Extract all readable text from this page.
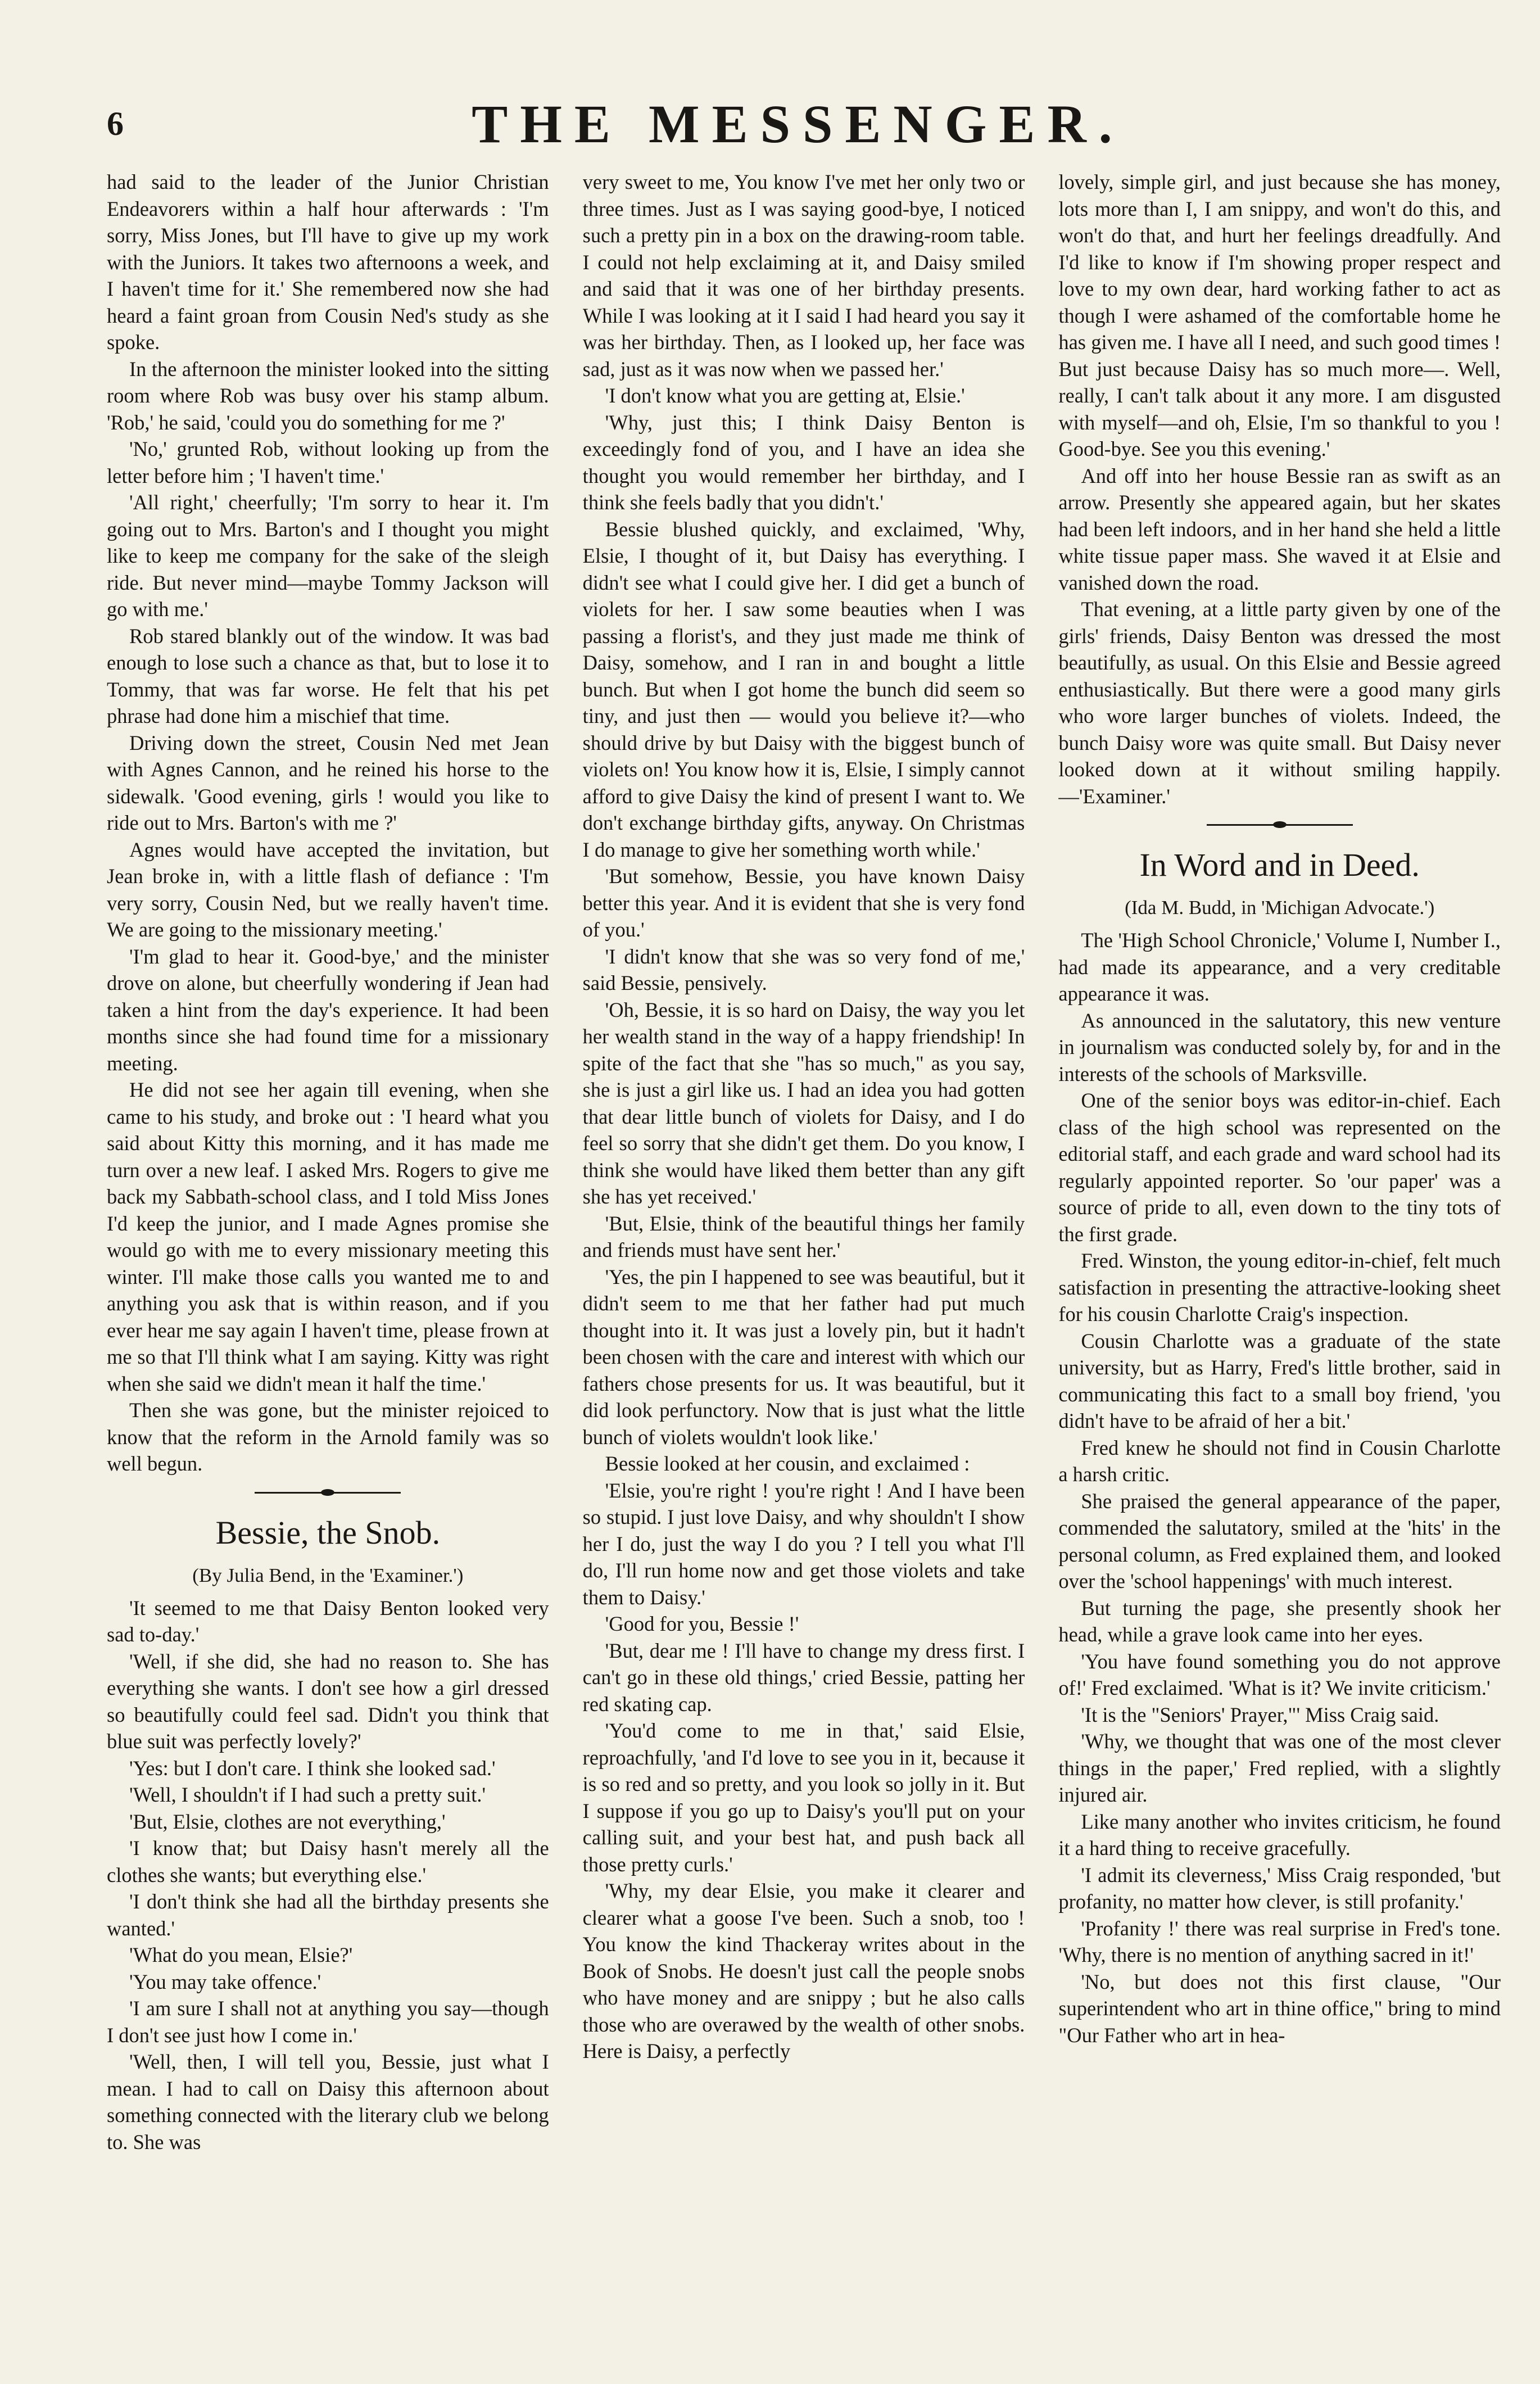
6	THE MESSENGER.

had said to the leader of the Junior Christian Endeavorers within a half hour afterwards : 'I'm sorry, Miss Jones, but I'll have to give up my work with the Juniors. It takes two afternoons a week, and I haven't time for it.' She remembered now she had heard a faint groan from Cousin Ned's study as she spoke.

In the afternoon the minister looked into the sitting room where Rob was busy over his stamp album. 'Rob,' he said, 'could you do something for me ?'

'No,' grunted Rob, without looking up from the letter before him ; 'I haven't time.'

'All right,' cheerfully; 'I'm sorry to hear it. I'm going out to Mrs. Barton's and I thought you might like to keep me company for the sake of the sleigh ride. But never mind—maybe Tommy Jackson will go with me.'

Rob stared blankly out of the window. It was bad enough to lose such a chance as that, but to lose it to Tommy, that was far worse. He felt that his pet phrase had done him a mischief that time.

Driving down the street, Cousin Ned met Jean with Agnes Cannon, and he reined his horse to the sidewalk. 'Good evening, girls ! would you like to ride out to Mrs. Barton's with me ?'

Agnes would have accepted the invitation, but Jean broke in, with a little flash of defiance : 'I'm very sorry, Cousin Ned, but we really haven't time. We are going to the missionary meeting.'

'I'm glad to hear it. Good-bye,' and the minister drove on alone, but cheerfully wondering if Jean had taken a hint from the day's experience. It had been months since she had found time for a missionary meeting.

He did not see her again till evening, when she came to his study, and broke out : 'I heard what you said about Kitty this morning, and it has made me turn over a new leaf. I asked Mrs. Rogers to give me back my Sabbath-school class, and I told Miss Jones I'd keep the junior, and I made Agnes promise she would go with me to every missionary meeting this winter. I'll make those calls you wanted me to and anything you ask that is within reason, and if you ever hear me say again I haven't time, please frown at me so that I'll think what I am saying. Kitty was right when she said we didn't mean it half the time.'

Then she was gone, but the minister rejoiced to know that the reform in the Arnold family was so well begun.

Bessie, the Snob.
(By Julia Bend, in the 'Examiner.')

'It seemed to me that Daisy Benton looked very sad to-day.'

'Well, if she did, she had no reason to. She has everything she wants. I don't see how a girl dressed so beautifully could feel sad. Didn't you think that blue suit was perfectly lovely?'

'Yes: but I don't care. I think she looked sad.'

'Well, I shouldn't if I had such a pretty suit.'

'But, Elsie, clothes are not everything,'

'I know that; but Daisy hasn't merely all the clothes she wants; but everything else.'

'I don't think she had all the birthday presents she wanted.'

'What do you mean, Elsie?'

'You may take offence.'

'I am sure I shall not at anything you say—though I don't see just how I come in.'

'Well, then, I will tell you, Bessie, just what I mean. I had to call on Daisy this afternoon about something connected with the literary club we belong to. She was

very sweet to me, You know I've met her only two or three times. Just as I was saying good-bye, I noticed such a pretty pin in a box on the drawing-room table. I could not help exclaiming at it, and Daisy smiled and said that it was one of her birthday presents. While I was looking at it I said I had heard you say it was her birthday. Then, as I looked up, her face was sad, just as it was now when we passed her.'

'I don't know what you are getting at, Elsie.'

'Why, just this; I think Daisy Benton is exceedingly fond of you, and I have an idea she thought you would remember her birthday, and I think she feels badly that you didn't.'

Bessie blushed quickly, and exclaimed, 'Why, Elsie, I thought of it, but Daisy has everything. I didn't see what I could give her. I did get a bunch of violets for her. I saw some beauties when I was passing a florist's, and they just made me think of Daisy, somehow, and I ran in and bought a little bunch. But when I got home the bunch did seem so tiny, and just then — would you believe it?—who should drive by but Daisy with the biggest bunch of violets on! You know how it is, Elsie, I simply cannot afford to give Daisy the kind of present I want to. We don't exchange birthday gifts, anyway. On Christmas I do manage to give her something worth while.'

'But somehow, Bessie, you have known Daisy better this year. And it is evident that she is very fond of you.'

'I didn't know that she was so very fond of me,' said Bessie, pensively.

'Oh, Bessie, it is so hard on Daisy, the way you let her wealth stand in the way of a happy friendship! In spite of the fact that she "has so much," as you say, she is just a girl like us. I had an idea you had gotten that dear little bunch of violets for Daisy, and I do feel so sorry that she didn't get them. Do you know, I think she would have liked them better than any gift she has yet received.'

'But, Elsie, think of the beautiful things her family and friends must have sent her.'

'Yes, the pin I happened to see was beautiful, but it didn't seem to me that her father had put much thought into it. It was just a lovely pin, but it hadn't been chosen with the care and interest with which our fathers chose presents for us. It was beautiful, but it did look perfunctory. Now that is just what the little bunch of violets wouldn't look like.'

Bessie looked at her cousin, and exclaimed :

'Elsie, you're right ! you're right ! And I have been so stupid. I just love Daisy, and why shouldn't I show her I do, just the way I do you ? I tell you what I'll do, I'll run home now and get those violets and take them to Daisy.'

'Good for you, Bessie !'

'But, dear me ! I'll have to change my dress first. I can't go in these old things,' cried Bessie, patting her red skating cap.

'You'd come to me in that,' said Elsie, reproachfully, 'and I'd love to see you in it, because it is so red and so pretty, and you look so jolly in it. But I suppose if you go up to Daisy's you'll put on your calling suit, and your best hat, and push back all those pretty curls.'

'Why, my dear Elsie, you make it clearer and clearer what a goose I've been. Such a snob, too ! You know the kind Thackeray writes about in the Book of Snobs. He doesn't just call the people snobs who have money and are snippy ; but he also calls those who are overawed by the wealth of other snobs. Here is Daisy, a perfectly

lovely, simple girl, and just because she has money, lots more than I, I am snippy, and won't do this, and won't do that, and hurt her feelings dreadfully. And I'd like to know if I'm showing proper respect and love to my own dear, hard working father to act as though I were ashamed of the comfortable home he has given me. I have all I need, and such good times ! But just because Daisy has so much more—. Well, really, I can't talk about it any more. I am disgusted with myself—and oh, Elsie, I'm so thankful to you ! Good-bye. See you this evening.'

And off into her house Bessie ran as swift as an arrow. Presently she appeared again, but her skates had been left indoors, and in her hand she held a little white tissue paper mass. She waved it at Elsie and vanished down the road.

That evening, at a little party given by one of the girls' friends, Daisy Benton was dressed the most beautifully, as usual. On this Elsie and Bessie agreed enthusiastically. But there were a good many girls who wore larger bunches of violets. Indeed, the bunch Daisy wore was quite small. But Daisy never looked down at it without smiling happily.—'Examiner.'

In Word and in Deed.
(Ida M. Budd, in 'Michigan Advocate.')

The 'High School Chronicle,' Volume I, Number I., had made its appearance, and a very creditable appearance it was.

As announced in the salutatory, this new venture in journalism was conducted solely by, for and in the interests of the schools of Marksville.

One of the senior boys was editor-in-chief. Each class of the high school was represented on the editorial staff, and each grade and ward school had its regularly appointed reporter. So 'our paper' was a source of pride to all, even down to the tiny tots of the first grade.

Fred. Winston, the young editor-in-chief, felt much satisfaction in presenting the attractive-looking sheet for his cousin Charlotte Craig's inspection.

Cousin Charlotte was a graduate of the state university, but as Harry, Fred's little brother, said in communicating this fact to a small boy friend, 'you didn't have to be afraid of her a bit.'

Fred knew he should not find in Cousin Charlotte a harsh critic.

She praised the general appearance of the paper, commended the salutatory, smiled at the 'hits' in the personal column, as Fred explained them, and looked over the 'school happenings' with much interest.

But turning the page, she presently shook her head, while a grave look came into her eyes.

'You have found something you do not approve of!' Fred exclaimed. 'What is it? We invite criticism.'

'It is the "Seniors' Prayer,"' Miss Craig said.

'Why, we thought that was one of the most clever things in the paper,' Fred replied, with a slightly injured air.

Like many another who invites criticism, he found it a hard thing to receive gracefully.

'I admit its cleverness,' Miss Craig responded, 'but profanity, no matter how clever, is still profanity.'

'Profanity !' there was real surprise in Fred's tone. 'Why, there is no mention of anything sacred in it!'

'No, but does not this first clause, "Our superintendent who art in thine office," bring to mind "Our Father who art in hea-
